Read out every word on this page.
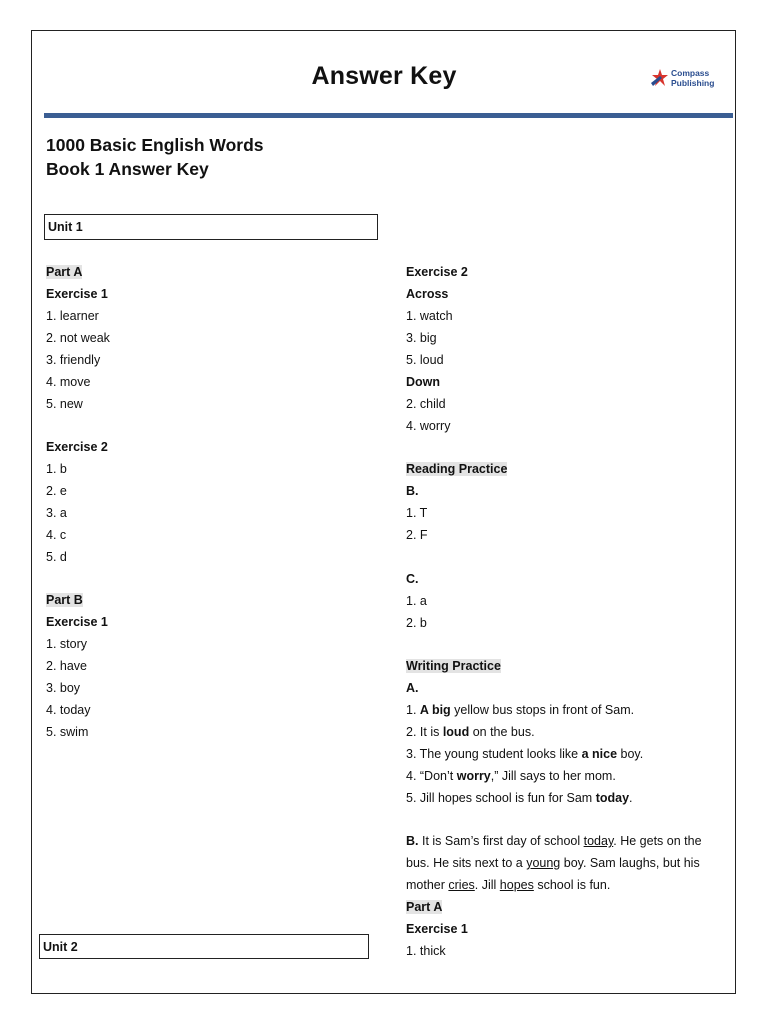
Answer Key	Compass
Publishing
1000 Basic English Words
Book 1 Answer Key
Unit 1
Part A
Exercise 1
1. learner
2. not weak
3. friendly
4. move
5. new
Exercise 2
1. b
2. e
3. a
4. c
5. d
Part B
Exercise 1
1. story
2. have
3. boy
4. today
5. swim
Unit 2
Exercise 2
Across
1. watch
3. big
5. loud
Down
2. child
4. worry
Reading Practice
B.
1. T
2. F
C.
1. a
2. b
Writing Practice
A.
1. A big yellow bus stops in front of Sam.
2. It is loud on the bus.
3. The young student looks like a nice boy.
4. “Don’t worry,” Jill says to her mom.
5. Jill hopes school is fun for Sam today.
B. It is Sam’s first day of school today. He gets on the
bus. He sits next to a young boy. Sam laughs, but his
mother cries. Jill hopes school is fun.
Part A
Exercise 1
1. thick
